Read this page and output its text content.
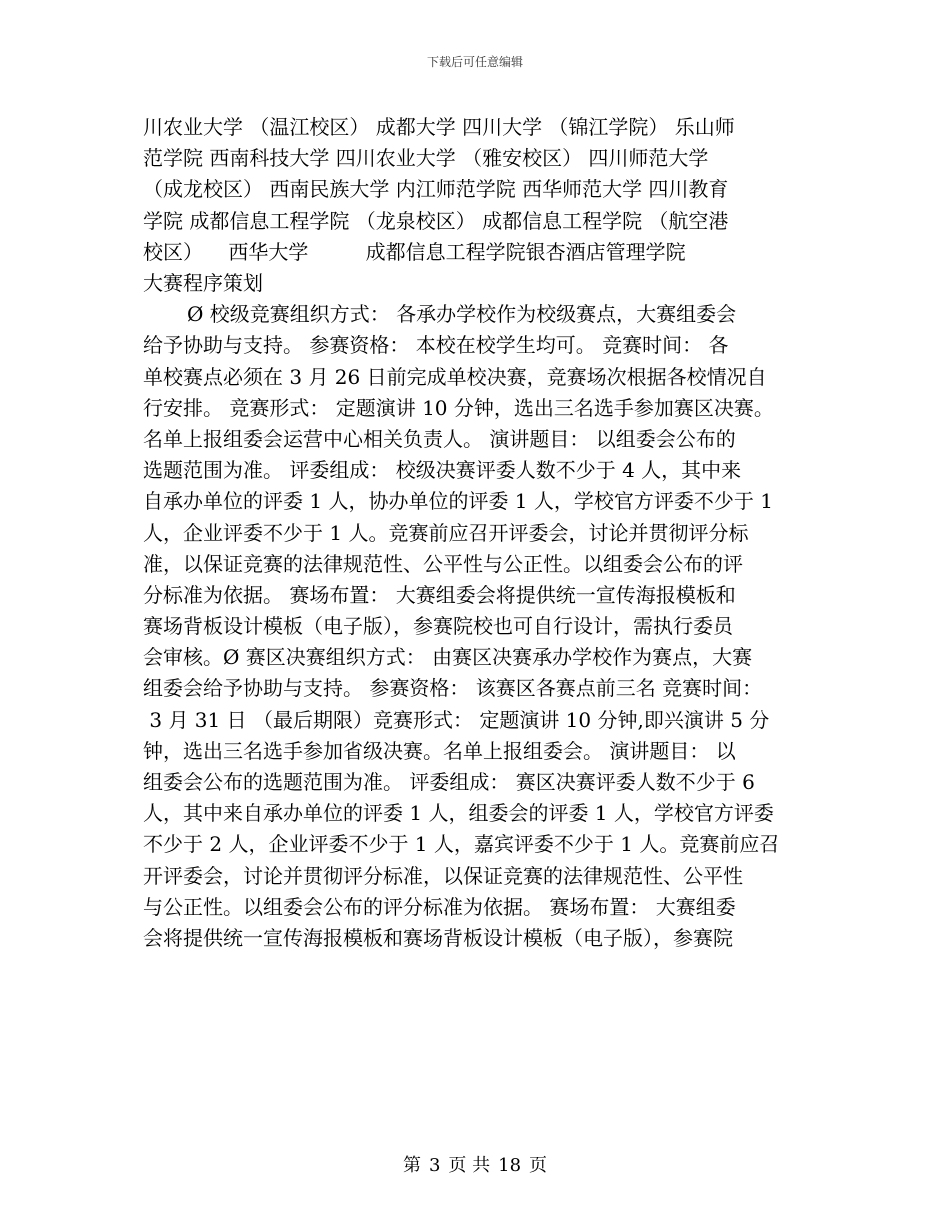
下载后可任意编辑
川农业大学 （温江校区） 成都大学 四川大学 （锦江学院） 乐山师
范学院 西南科技大学 四川农业大学 （雅安校区） 四川师范大学
（成龙校区） 西南民族大学 内江师范学院 西华师范大学 四川教育
学院 成都信息工程学院 （龙泉校区） 成都信息工程学院 （航空港
校区）    西华大学         成都信息工程学院银杏酒店管理学院
大赛程序策划
Ø 校级竞赛组织方式： 各承办学校作为校级赛点，大赛组委会
给予协助与支持。 参赛资格： 本校在校学生均可。 竞赛时间： 各
单校赛点必须在 3 月 26 日前完成单校决赛，竞赛场次根据各校情况自
行安排。 竞赛形式： 定题演讲 10 分钟，选出三名选手参加赛区决赛。
名单上报组委会运营中心相关负责人。 演讲题目： 以组委会公布的
选题范围为准。 评委组成： 校级决赛评委人数不少于 4 人，其中来
自承办单位的评委 1 人，协办单位的评委 1 人，学校官方评委不少于 1
人，企业评委不少于 1 人。竞赛前应召开评委会，讨论并贯彻评分标
准，以保证竞赛的法律规范性、公平性与公正性。以组委会公布的评
分标准为依据。 赛场布置： 大赛组委会将提供统一宣传海报模板和
赛场背板设计模板（电子版），参赛院校也可自行设计，需执行委员
会审核。Ø 赛区决赛组织方式： 由赛区决赛承办学校作为赛点，大赛
组委会给予协助与支持。 参赛资格： 该赛区各赛点前三名 竞赛时间：
3 月 31 日 （最后期限）竞赛形式： 定题演讲 10 分钟,即兴演讲 5 分
钟，选出三名选手参加省级决赛。名单上报组委会。 演讲题目： 以
组委会公布的选题范围为准。 评委组成： 赛区决赛评委人数不少于 6
人，其中来自承办单位的评委 1 人，组委会的评委 1 人，学校官方评委
不少于 2 人，企业评委不少于 1 人，嘉宾评委不少于 1 人。竞赛前应召
开评委会，讨论并贯彻评分标准，以保证竞赛的法律规范性、公平性
与公正性。以组委会公布的评分标准为依据。 赛场布置： 大赛组委
会将提供统一宣传海报模板和赛场背板设计模板（电子版），参赛院
第 3 页 共 18 页
